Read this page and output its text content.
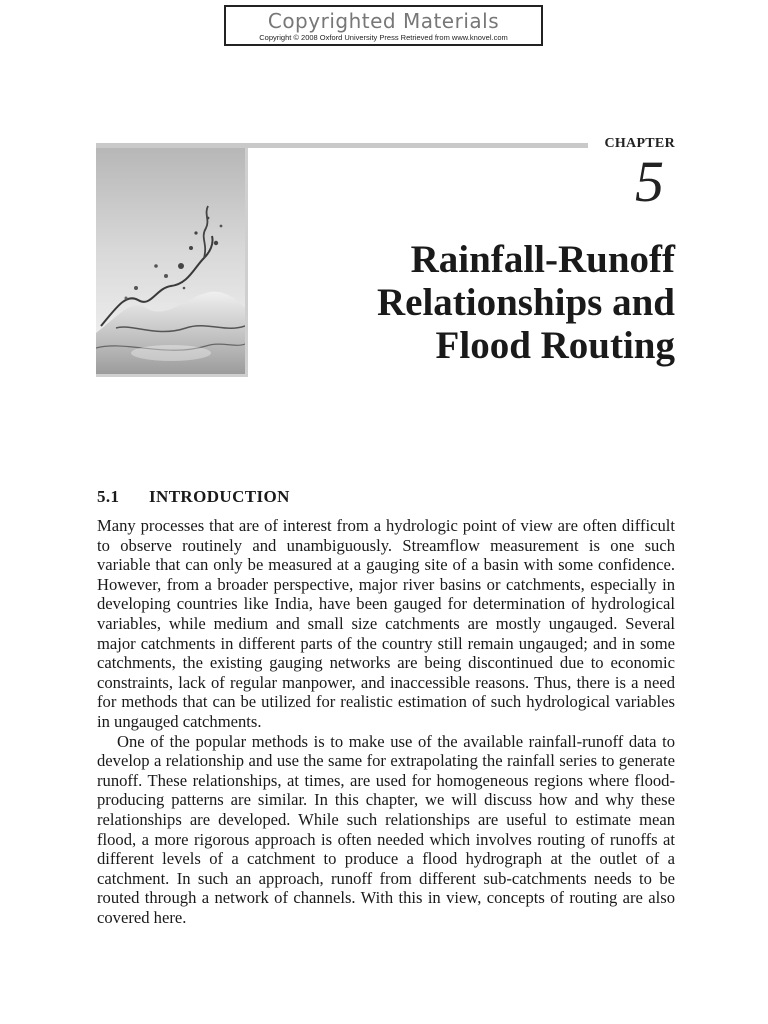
Copyrighted Materials
Copyright © 2008 Oxford University Press Retrieved from www.knovel.com
CHAPTER
5
Rainfall-Runoff
Relationships and
Flood Routing
5.1 INTRODUCTION

Many processes that are of interest from a hydrologic point of view are often difficult to observe routinely and unambiguously. Streamflow measurement is one such variable that can only be measured at a gauging site of a basin with some confidence. However, from a broader perspective, major river basins or catchments, especially in developing countries like India, have been gauged for determination of hydrological variables, while medium and small size catchments are mostly ungauged. Several major catchments in different parts of the country still remain ungauged; and in some catchments, the existing gauging networks are being discontinued due to economic constraints, lack of regular manpower, and inaccessible reasons. Thus, there is a need for methods that can be utilized for realistic estimation of such hydrological variables in ungauged catchments.

One of the popular methods is to make use of the available rainfall-runoff data to develop a relationship and use the same for extrapolating the rainfall series to generate runoff. These relationships, at times, are used for homogeneous regions where flood-producing patterns are similar. In this chapter, we will discuss how and why these relationships are developed. While such relationships are useful to estimate mean flood, a more rigorous approach is often needed which involves routing of runoffs at different levels of a catchment to produce a flood hydrograph at the outlet of a catchment. In such an approach, runoff from different sub-catchments needs to be routed through a network of channels. With this in view, concepts of routing are also covered here.
